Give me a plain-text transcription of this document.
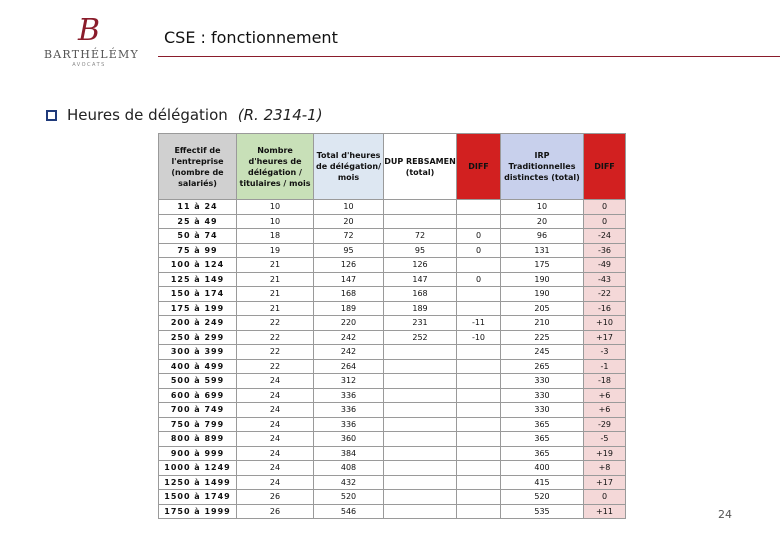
B
BARTHÉLÉMY
AVOCATS
CSE : fonctionnement
Heures de délégation (R. 2314-1)
Effectif de l'entreprise (nombre de salariés)	Nombre d'heures de délégation / titulaires / mois	Total d'heures de délégation/ mois	DUP REBSAMEN (total)	DIFF	IRP Traditionnelles distinctes (total)	DIFF
11 à 24	10	10			10	0
25 à 49	10	20			20	0
50 à 74	18	72	72	0	96	-24
75 à 99	19	95	95	0	131	-36
100 à 124	21	126	126		175	-49
125 à 149	21	147	147	0	190	-43
150 à 174	21	168	168		190	-22
175 à 199	21	189	189		205	-16
200 à 249	22	220	231	-11	210	+10
250 à 299	22	242	252	-10	225	+17
300 à 399	22	242			245	-3
400 à 499	22	264			265	-1
500 à 599	24	312			330	-18
600 à 699	24	336			330	+6
700 à 749	24	336			330	+6
750 à 799	24	336			365	-29
800 à 899	24	360			365	-5
900 à 999	24	384			365	+19
1000 à 1249	24	408			400	+8
1250 à 1499	24	432			415	+17
1500 à 1749	26	520			520	0
1750 à 1999	26	546			535	+11	24
